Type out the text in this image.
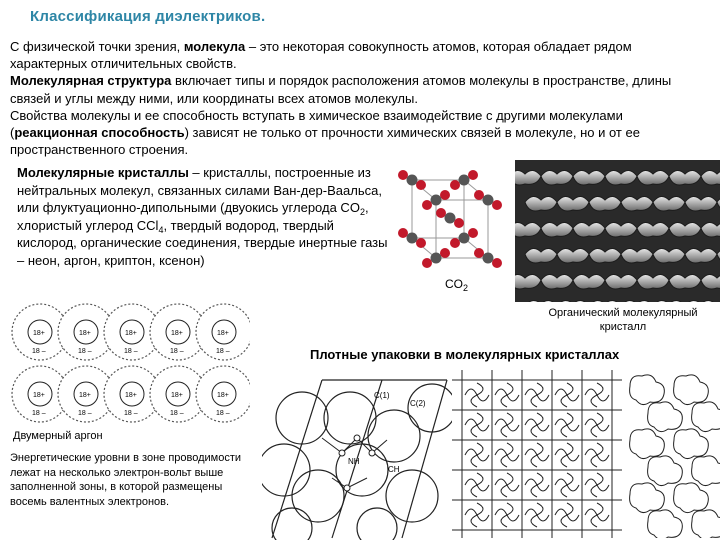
Классификация диэлектриков.
С физической точки зрения, молекула – это некоторая совокупность атомов, которая обладает рядом характерных отличительных свойств.
Молекулярная структура включает типы и порядок расположения атомов молекулы в пространстве, длины связей и углы между ними, или координаты всех атомов молекулы.
Свойства молекулы и ее способность вступать в химическое взаимодействие с другими молекулами (реакционная способность) зависят не только от прочности химических связей в молекуле, но и от ее пространственного строения.
Молекулярные кристаллы – кристаллы, построенные из нейтральных молекул, связанных силами Ван-дер-Ваальса, или флуктуационно-дипольными (двуокись углерода $CO_2$, хлористый углерод CCl$_4$, твердый водород, твердый кислород, органические соединения, твердые инертные газы – неон, аргон, криптон, ксенон)
$CO_2$
Органический молекулярный кристалл
Плотные упаковки в молекулярных кристаллах
18+
18 –
18+
18 –
18+
18 –
18+
18 –
18+
18 –
18+
18 –
18+
18 –
18+
18 –
18+
18 –
18+
18 –
Двумерный аргон
Энергетические уровни в зоне проводимости лежат на несколько электрон-вольт выше заполненной зоны, в которой размещены восемь валентных электронов.
C(1)
C(2)
NH
CH
